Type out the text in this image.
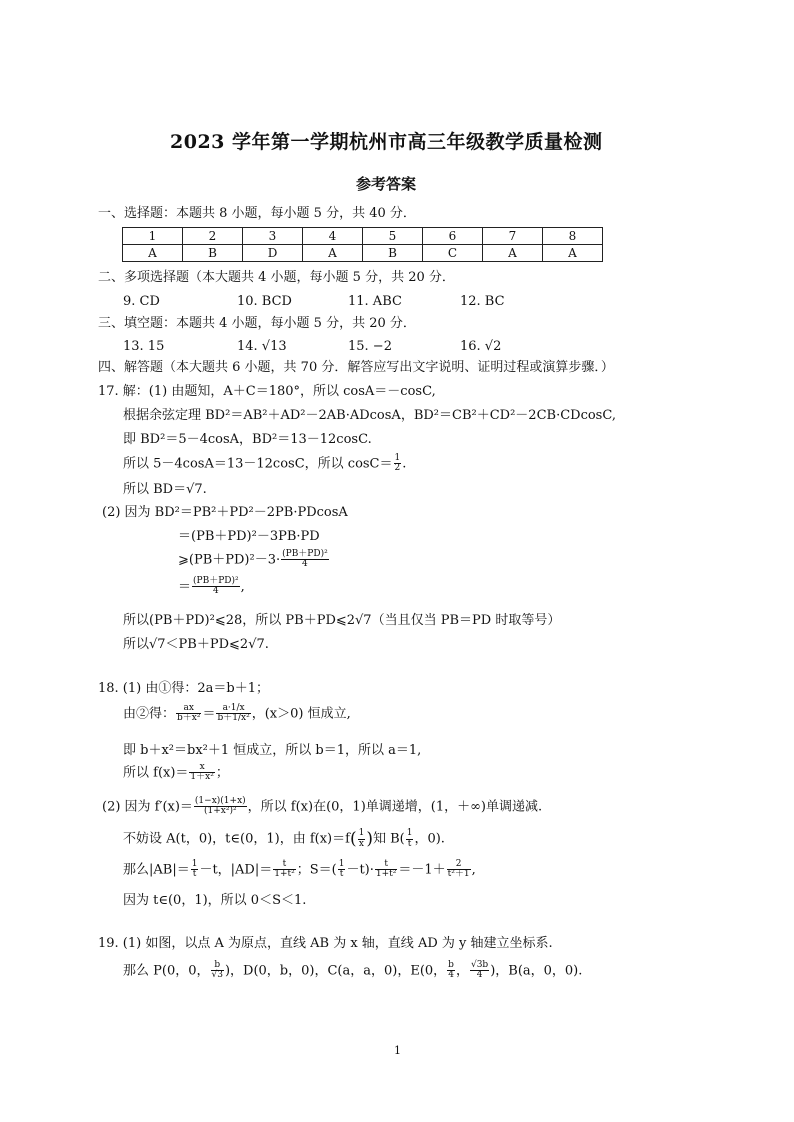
2023 学年第一学期杭州市高三年级教学质量检测
参考答案
一、选择题：本题共 8 小题，每小题 5 分，共 40 分．
1	2	3	4	5	6	7	8
A	B	D	A	B	C	A	A
二、多项选择题（本大题共 4 小题，每小题 5 分，共 20 分．
9. CD	10. BCD	11. ABC	12. BC
三、填空题：本题共 4 小题，每小题 5 分，共 20 分．
13. 15	14. √13	15. −2	16. √2
四、解答题（本大题共 6 小题，共 70 分．解答应写出文字说明、证明过程或演算步骤．）
17. 解：(1) 由题知，A＋C＝180°，所以 cosA＝－cosC,
根据余弦定理 BD²＝AB²＋AD²－2AB·ADcosA，BD²＝CB²＋CD²－2CB·CDcosC,
即 BD²＝5－4cosA，BD²＝13－12cosC.
所以 5－4cosA＝13－12cosC，所以 $\cos C= \frac{1}{2}$ .
所以 BD＝√7.
(2) 因为 BD²＝PB²＋PD²－2PB·PDcosA
＝(PB＋PD)²－3PB·PD
⩾(PB＋PD)²－3· $\frac{\text{(PB＋PD)²}}{4}$
＝ $\frac{\text{(PB＋PD)²}}{4}$ ,
所以(PB＋PD)²⩽28，所以 PB＋PD⩽2√7（当且仅当 PB＝PD 时取等号）
所以√7＜PB＋PD⩽2√7.
18. (1) 由①得：2a＝b＋1；
由②得： $\frac{ax}{\text{b＋x²}} = \frac{a\cdot 1/x}{\text{b＋1/x²}}$ ，(x＞0) 恒成立,
即 b＋x²＝bx²＋1 恒成立，所以 b＝1，所以 a＝1,
所以 $f(x)= \frac{x}{\text{1＋x²}}$ ；
(2) 因为 $f'(x)= \frac{(1-x)(1+x)}{\text{(1+x²)²}}$ ，所以 f(x)在(0，1)单调递增，(1，＋∞)单调递减.
不妨设 A(t，0)，t∈(0，1)，由 $f(x)=f( \frac{1}{x}$ )知 $B( \frac{1}{t}$ ，0).
那么$|AB|= \frac{1}{t} -t$，$|AD|= \frac{t}{\text{1+t²}}$ ；$S=( \frac{1}{t} -t)\cdot \frac{t}{\text{1+t²}} =-1+ \frac{2}{\text{t²＋1}}$ ,
因为 t∈(0，1)，所以 0＜S＜1.
19. (1) 如图，以点 A 为原点，直线 AB 为 x 轴，直线 AD 为 y 轴建立坐标系.
那么 P(0，0， $\frac{b}{√3}$ )，D(0，b，0)，C(a，a，0)，E(0， $\frac{b}{4}$ ， $\frac{√3b}{4}$ )，B(a，0，0).
1
